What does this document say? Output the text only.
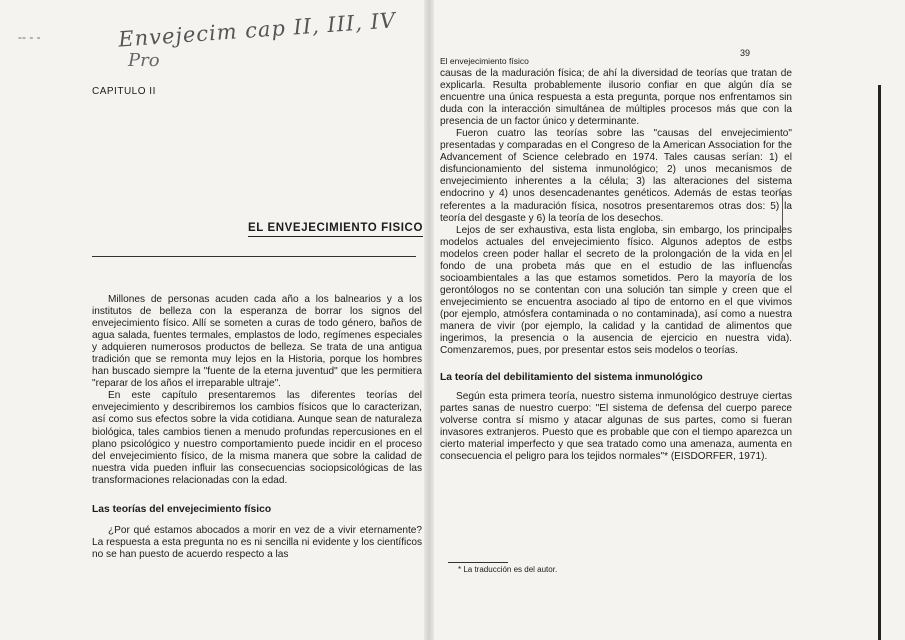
-- - -	Envejecim cap II, III, IV
Pro
CAPITULO II
EL ENVEJECIMIENTO FISICO

Millones de personas acuden cada año a los balnearios y a los institutos de belleza con la esperanza de borrar los signos del envejecimiento físico. Allí se someten a curas de todo género, baños de agua salada, fuentes termales, emplastos de lodo, regímenes especiales y adquieren numerosos productos de belleza. Se trata de una antigua tradición que se remonta muy lejos en la Historia, porque los hombres han buscado siempre la "fuente de la eterna juventud" que les permitiera "reparar de los años el irreparable ultraje".

En este capítulo presentaremos las diferentes teorías del envejecimiento y describiremos los cambios físicos que lo caracterizan, así como sus efectos sobre la vida cotidiana. Aunque sean de naturaleza biológica, tales cambios tienen a menudo profundas repercusiones en el plano psicológico y nuestro comportamiento puede incidir en el proceso del envejecimiento físico, de la misma manera que sobre la calidad de nuestra vida pueden influir las consecuencias sociopsicológicas de las transformaciones relacionadas con la edad.

Las teorías del envejecimiento físico

¿Por qué estamos abocados a morir en vez de a vivir eternamente? La respuesta a esta pregunta no es ni sencilla ni evidente y los científicos no se han puesto de acuerdo respecto a las

El envejecimiento físico
39

causas de la maduración física; de ahí la diversidad de teorías que tratan de explicarla. Resulta probablemente ilusorio confiar en que algún día se encuentre una única respuesta a esta pregunta, porque nos enfrentamos sin duda con la interacción simultánea de múltiples procesos más que con la presencia de un factor único y determinante.

Fueron cuatro las teorías sobre las "causas del envejecimiento" presentadas y comparadas en el Congreso de la American Association for the Advancement of Science celebrado en 1974. Tales causas serían: 1) el disfuncionamiento del sistema inmunológico; 2) unos mecanismos de envejecimiento inherentes a la célula; 3) las alteraciones del sistema endocrino y 4) unos desencadenantes genéticos. Además de estas teorías referentes a la maduración física, nosotros presentaremos otras dos: 5) la teoría del desgaste y 6) la teoría de los desechos.

Lejos de ser exhaustiva, esta lista engloba, sin embargo, los principales modelos actuales del envejecimiento físico. Algunos adeptos de estos modelos creen poder hallar el secreto de la prolongación de la vida en el fondo de una probeta más que en el estudio de las influencias socioambientales a las que estamos sometidos. Pero la mayoría de los gerontólogos no se contentan con una solución tan simple y creen que el envejecimiento se encuentra asociado al tipo de entorno en el que vivimos (por ejemplo, atmósfera contaminada o no contaminada), así como a nuestra manera de vivir (por ejemplo, la calidad y la cantidad de alimentos que ingerimos, la presencia o la ausencia de ejercicio en nuestra vida). Comenzaremos, pues, por presentar estos seis modelos o teorías.

La teoría del debilitamiento del sistema inmunológico

Según esta primera teoría, nuestro sistema inmunológico destruye ciertas partes sanas de nuestro cuerpo: "El sistema de defensa del cuerpo parece volverse contra sí mismo y atacar algunas de sus partes, como si fueran invasores extranjeros. Puesto que es probable que con el tiempo aparezca un cierto material imperfecto y que sea tratado como una amenaza, aumenta en consecuencia el peligro para los tejidos normales"* (EISDORFER, 1971).

* La traducción es del autor.
